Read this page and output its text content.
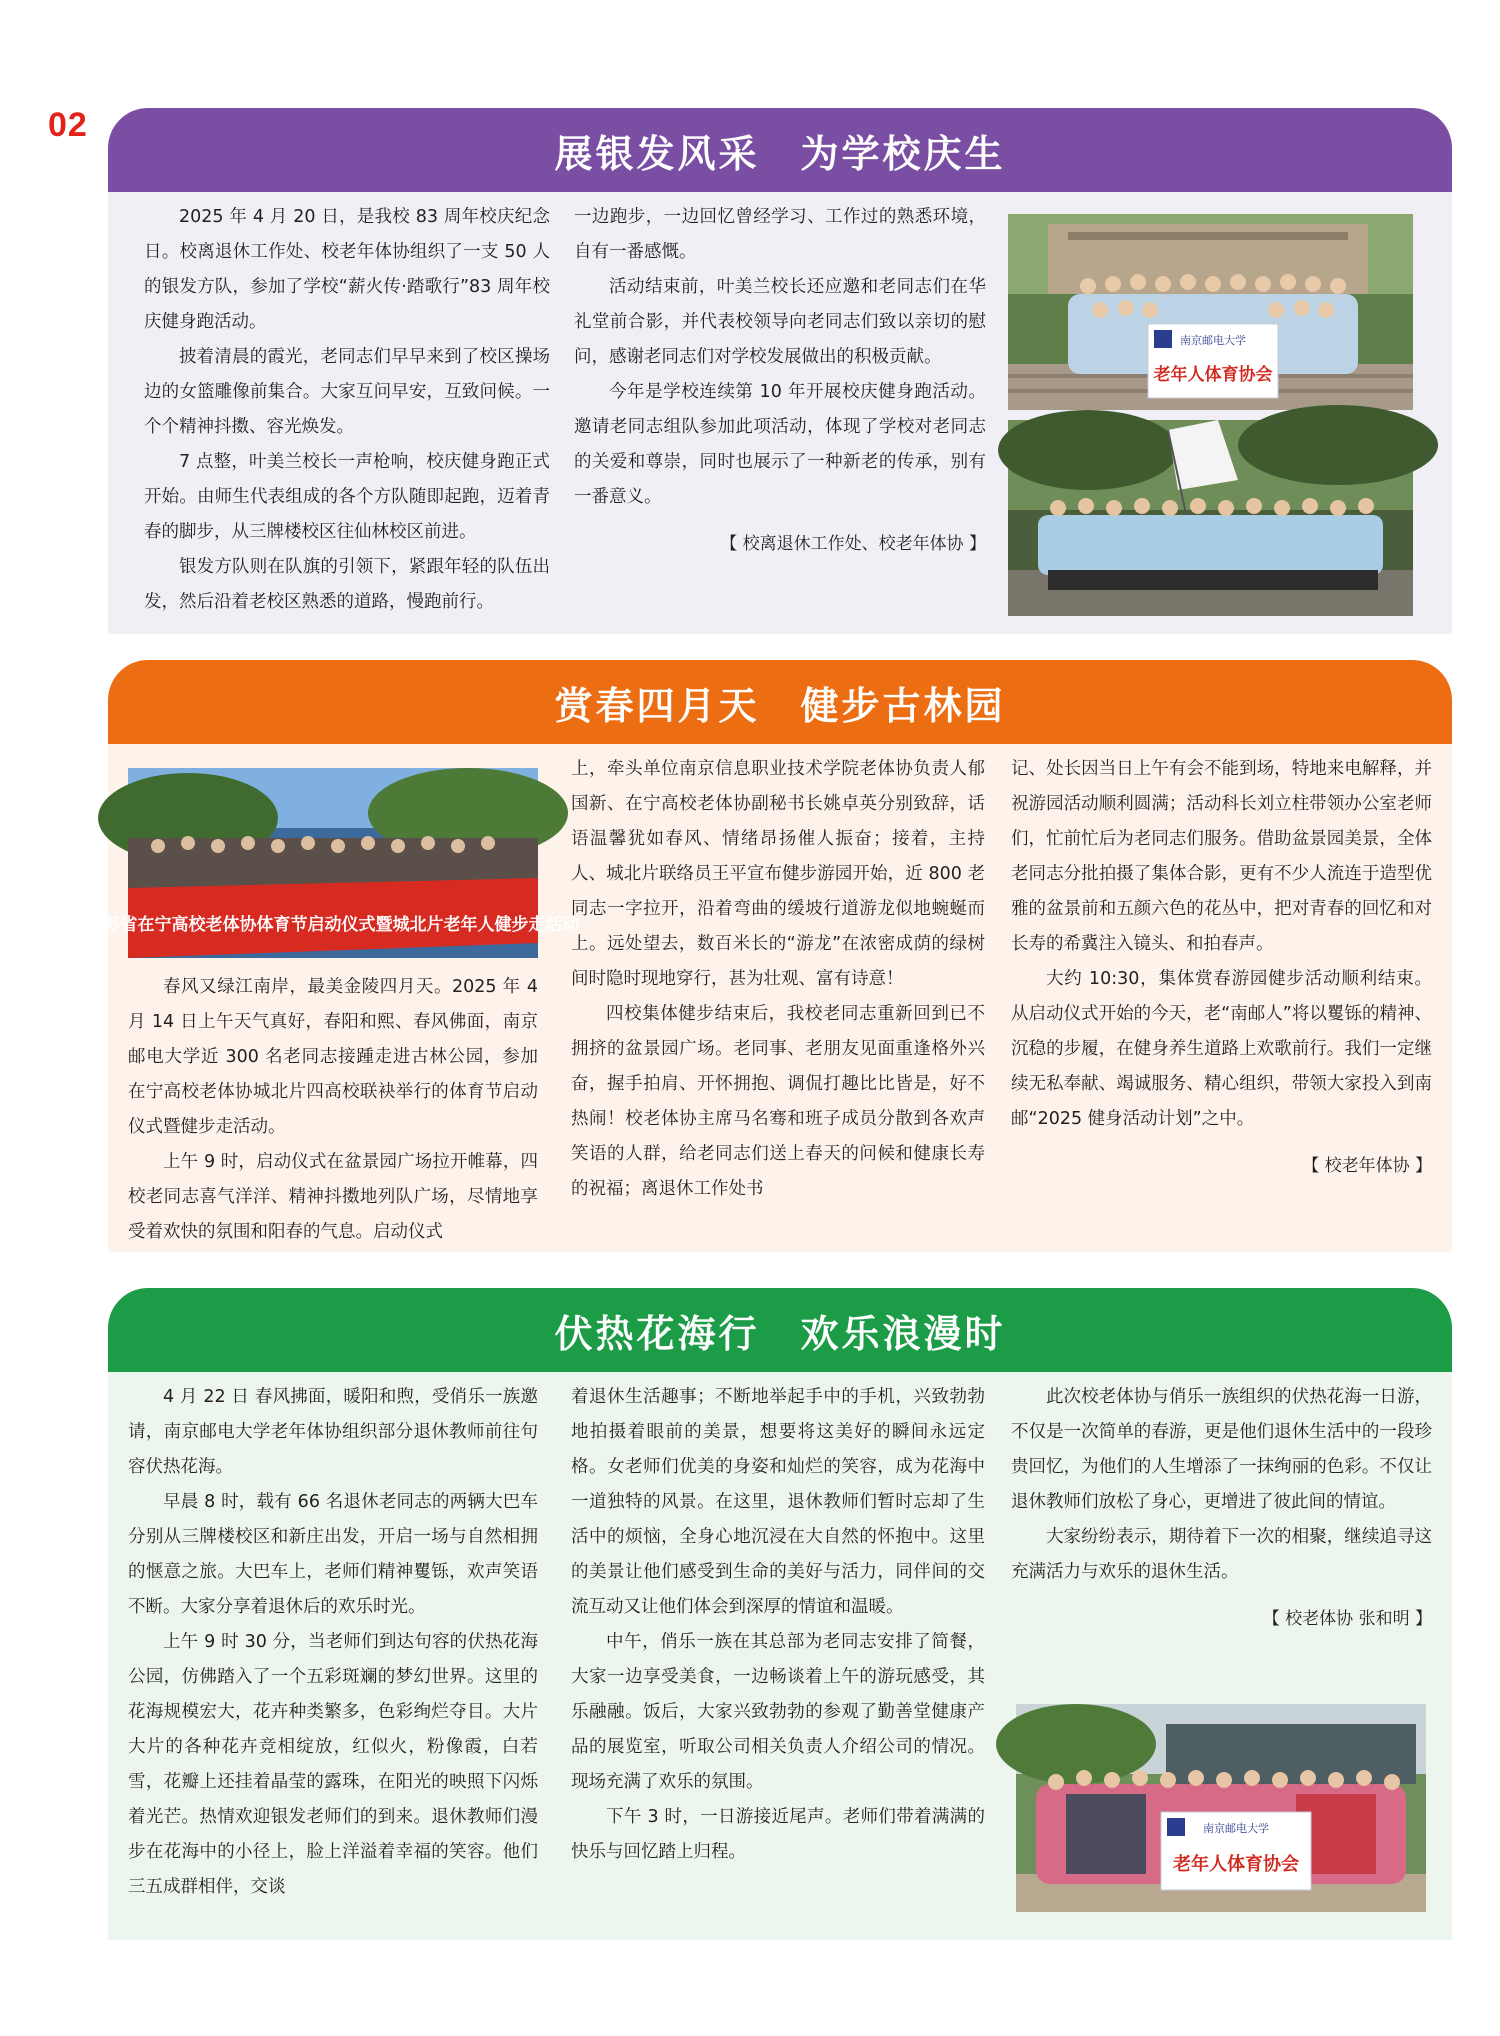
02
展银发风采　为学校庆生

2025 年 4 月 20 日，是我校 83 周年校庆纪念日。校离退休工作处、校老年体协组织了一支 50 人的银发方队，参加了学校“薪火传·踏歌行”83 周年校庆健身跑活动。

披着清晨的霞光，老同志们早早来到了校区操场边的女篮雕像前集合。大家互问早安，互致问候。一个个精神抖擞、容光焕发。

7 点整，叶美兰校长一声枪响，校庆健身跑正式开始。由师生代表组成的各个方队随即起跑，迈着青春的脚步，从三牌楼校区往仙林校区前进。

银发方队则在队旗的引领下，紧跟年轻的队伍出发，然后沿着老校区熟悉的道路，慢跑前行。

一边跑步，一边回忆曾经学习、工作过的熟悉环境，自有一番感慨。

活动结束前，叶美兰校长还应邀和老同志们在华礼堂前合影，并代表校领导向老同志们致以亲切的慰问，感谢老同志们对学校发展做出的积极贡献。

今年是学校连续第 10 年开展校庆健身跑活动。邀请老同志组队参加此项活动，体现了学校对老同志的关爱和尊崇，同时也展示了一种新老的传承，别有一番意义。

【 校离退休工作处、校老年体协 】
南京邮电大学
老年人体育协会
赏春四月天　健步古林园
江苏省在宁高校老体协体育节启动仪式暨城北片老年人健步走活动

春风又绿江南岸，最美金陵四月天。2025 年 4 月 14 日上午天气真好，春阳和熙、春风佛面，南京邮电大学近 300 名老同志接踵走进古林公园，参加在宁高校老体协城北片四高校联袂举行的体育节启动仪式暨健步走活动。

上午 9 时，启动仪式在盆景园广场拉开帷幕，四校老同志喜气洋洋、精神抖擞地列队广场，尽情地享受着欢快的氛围和阳春的气息。启动仪式

上，牵头单位南京信息职业技术学院老体协负责人郁国新、在宁高校老体协副秘书长姚卓英分别致辞，话语温馨犹如春风、情绪昂扬催人振奋；接着，主持人、城北片联络员王平宣布健步游园开始，近 800 老同志一字拉开，沿着弯曲的缓坡行道游龙似地蜿蜒而上。远处望去，数百米长的“游龙”在浓密成荫的绿树间时隐时现地穿行，甚为壮观、富有诗意！

四校集体健步结束后，我校老同志重新回到已不拥挤的盆景园广场。老同事、老朋友见面重逢格外兴奋，握手拍肩、开怀拥抱、调侃打趣比比皆是，好不热闹！校老体协主席马名骞和班子成员分散到各欢声笑语的人群，给老同志们送上春天的问候和健康长寿的祝福；离退休工作处书

记、处长因当日上午有会不能到场，特地来电解释，并祝游园活动顺利圆满；活动科长刘立柱带领办公室老师们，忙前忙后为老同志们服务。借助盆景园美景，全体老同志分批拍摄了集体合影，更有不少人流连于造型优雅的盆景前和五颜六色的花丛中，把对青春的回忆和对长寿的希冀注入镜头、和拍春声。

大约 10:30，集体赏春游园健步活动顺利结束。从启动仪式开始的今天，老“南邮人”将以矍铄的精神、沉稳的步履，在健身养生道路上欢歌前行。我们一定继续无私奉献、竭诚服务、精心组织，带领大家投入到南邮“2025 健身活动计划”之中。

【 校老年体协 】
伏热花海行　欢乐浪漫时

4 月 22 日 春风拂面，暖阳和煦，受俏乐一族邀请，南京邮电大学老年体协组织部分退休教师前往句容伏热花海。

早晨 8 时，载有 66 名退休老同志的两辆大巴车分别从三牌楼校区和新庄出发，开启一场与自然相拥的惬意之旅。大巴车上，老师们精神矍铄，欢声笑语不断。大家分享着退休后的欢乐时光。

上午 9 时 30 分，当老师们到达句容的伏热花海公园，仿佛踏入了一个五彩斑斓的梦幻世界。这里的花海规模宏大，花卉种类繁多，色彩绚烂夺目。大片大片的各种花卉竞相绽放，红似火，粉像霞，白若雪，花瓣上还挂着晶莹的露珠，在阳光的映照下闪烁着光芒。热情欢迎银发老师们的到来。退休教师们漫步在花海中的小径上，脸上洋溢着幸福的笑容。他们三五成群相伴，交谈

着退休生活趣事；不断地举起手中的手机，兴致勃勃地拍摄着眼前的美景，想要将这美好的瞬间永远定格。女老师们优美的身姿和灿烂的笑容，成为花海中一道独特的风景。在这里，退休教师们暂时忘却了生活中的烦恼，全身心地沉浸在大自然的怀抱中。这里的美景让他们感受到生命的美好与活力，同伴间的交流互动又让他们体会到深厚的情谊和温暖。

中午，俏乐一族在其总部为老同志安排了简餐，大家一边享受美食，一边畅谈着上午的游玩感受，其乐融融。饭后，大家兴致勃勃的参观了勤善堂健康产品的展览室，听取公司相关负责人介绍公司的情况。现场充满了欢乐的氛围。

下午 3 时，一日游接近尾声。老师们带着满满的快乐与回忆踏上归程。

此次校老体协与俏乐一族组织的伏热花海一日游，不仅是一次简单的春游，更是他们退休生活中的一段珍贵回忆，为他们的人生增添了一抹绚丽的色彩。不仅让退休教师们放松了身心，更增进了彼此间的情谊。

大家纷纷表示，期待着下一次的相聚，继续追寻这充满活力与欢乐的退休生活。

【 校老体协 张和明 】
南京邮电大学
老年人体育协会
